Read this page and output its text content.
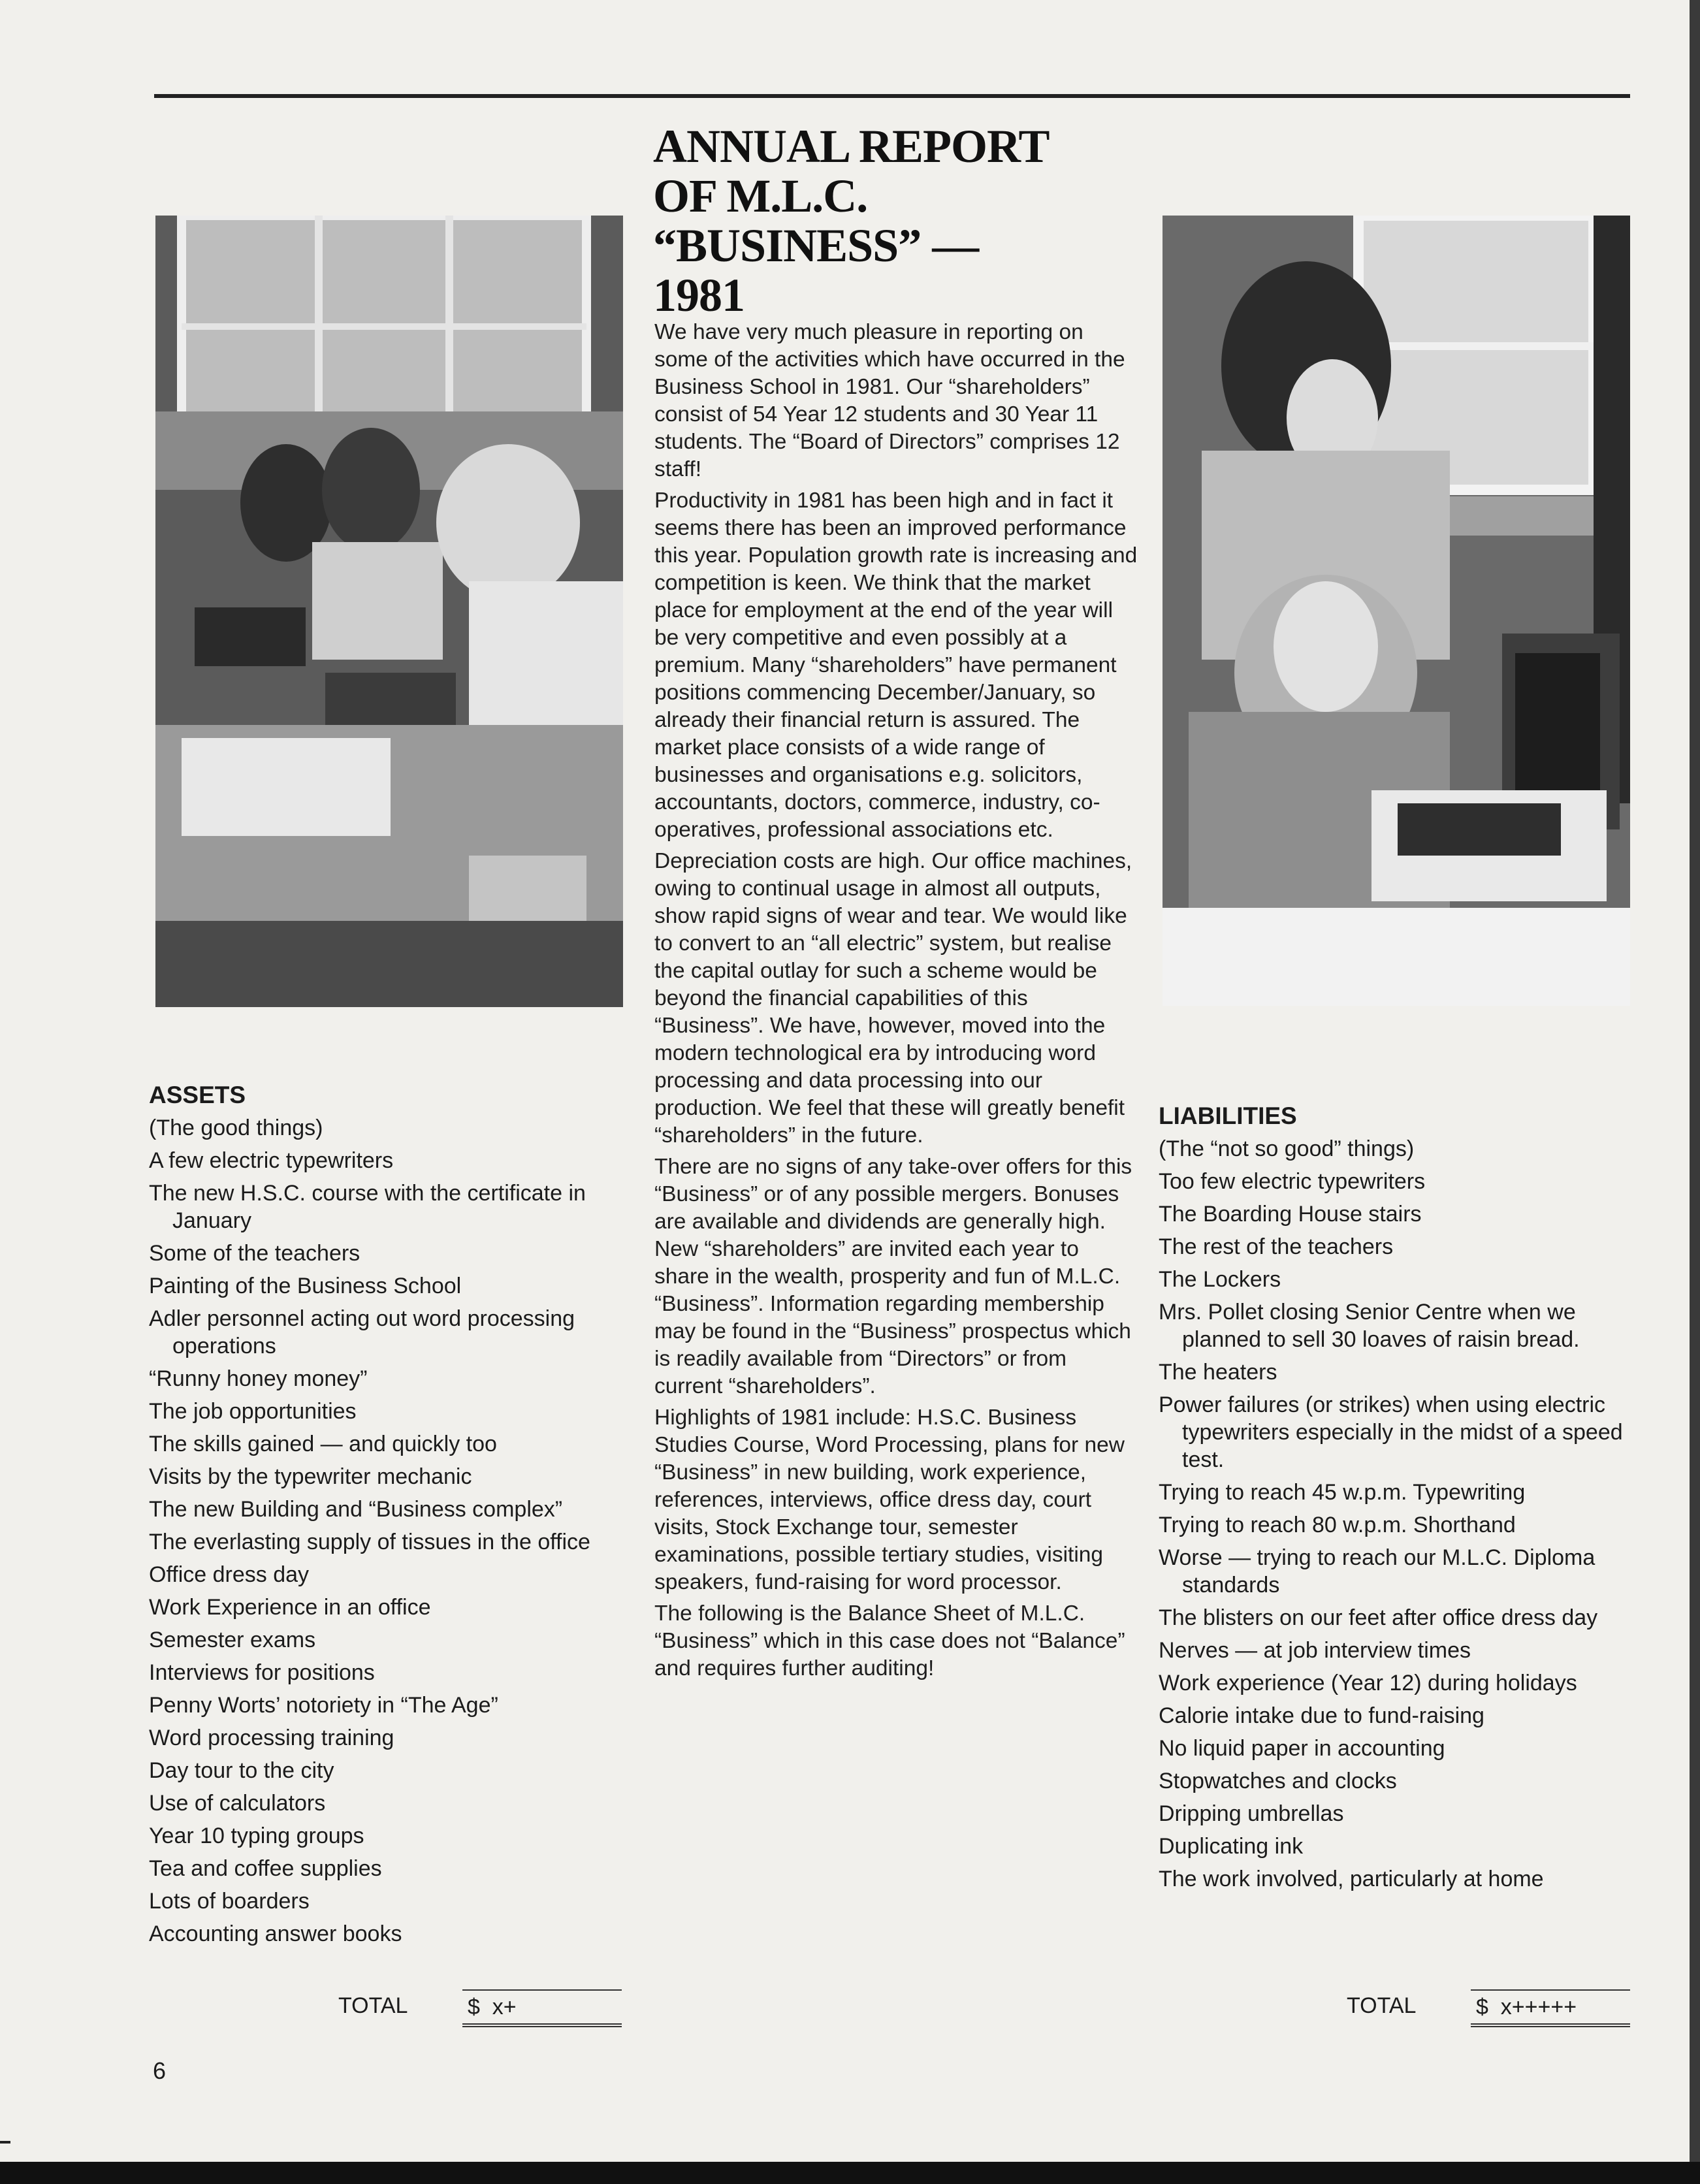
ANNUAL REPORT
OF M.L.C.
“BUSINESS” —
1981

We have very much pleasure in reporting on some of the activities which have occurred in the Business School in 1981. Our “shareholders” consist of 54 Year 12 students and 30 Year 11 students. The “Board of Directors” comprises 12 staff!

Productivity in 1981 has been high and in fact it seems there has been an improved performance this year. Population growth rate is increasing and competition is keen. We think that the market place for employment at the end of the year will be very competitive and even possibly at a premium. Many “shareholders” have permanent positions commencing December/January, so already their financial return is assured. The market place consists of a wide range of businesses and organisations e.g. solicitors, accountants, doctors, commerce, industry, co-operatives, professional associations etc.

Depreciation costs are high. Our office machines, owing to continual usage in almost all outputs, show rapid signs of wear and tear. We would like to convert to an “all electric” system, but realise the capital outlay for such a scheme would be beyond the financial capabilities of this “Business”. We have, however, moved into the modern technological era by introducing word processing and data processing into our production. We feel that these will greatly benefit “shareholders” in the future.

There are no signs of any take-over offers for this “Business” or of any possible mergers. Bonuses are available and dividends are generally high. New “shareholders” are invited each year to share in the wealth, prosperity and fun of M.L.C. “Business”. Information regarding membership may be found in the “Business” prospectus which is readily available from “Directors” or from current “shareholders”.

Highlights of 1981 include: H.S.C. Business Studies Course, Word Processing, plans for new “Business” in new building, work experience, references, interviews, office dress day, court visits, Stock Exchange tour, semester examinations, possible tertiary studies, visiting speakers, fund-raising for word processor.

The following is the Balance Sheet of M.L.C. “Business” which in this case does not “Balance” and requires further auditing!

ASSETS
(The good things)
A few electric typewriters
The new H.S.C. course with the certificate in January
Some of the teachers
Painting of the Business School
Adler personnel acting out word processing operations
“Runny honey money”
The job opportunities
The skills gained — and quickly too
Visits by the typewriter mechanic
The new Building and “Business complex”
The everlasting supply of tissues in the office
Office dress day
Work Experience in an office
Semester exams
Interviews for positions
Penny Worts’ notoriety in “The Age”
Word processing training
Day tour to the city
Use of calculators
Year 10 typing groups
Tea and coffee supplies
Lots of boarders
Accounting answer books
TOTAL	$  x+
LIABILITIES
(The “not so good” things)
Too few electric typewriters
The Boarding House stairs
The rest of the teachers
The Lockers
Mrs. Pollet closing Senior Centre when we planned to sell 30 loaves of raisin bread.
The heaters
Power failures (or strikes) when using electric typewriters especially in the midst of a speed test.
Trying to reach 45 w.p.m. Typewriting
Trying to reach 80 w.p.m. Shorthand
Worse — trying to reach our M.L.C. Diploma standards
The blisters on our feet after office dress day
Nerves — at job interview times
Work experience (Year 12) during holidays
Calorie intake due to fund-raising
No liquid paper in accounting
Stopwatches and clocks
Dripping umbrellas
Duplicating ink
The work involved, particularly at home
TOTAL	$  x+++++
6
